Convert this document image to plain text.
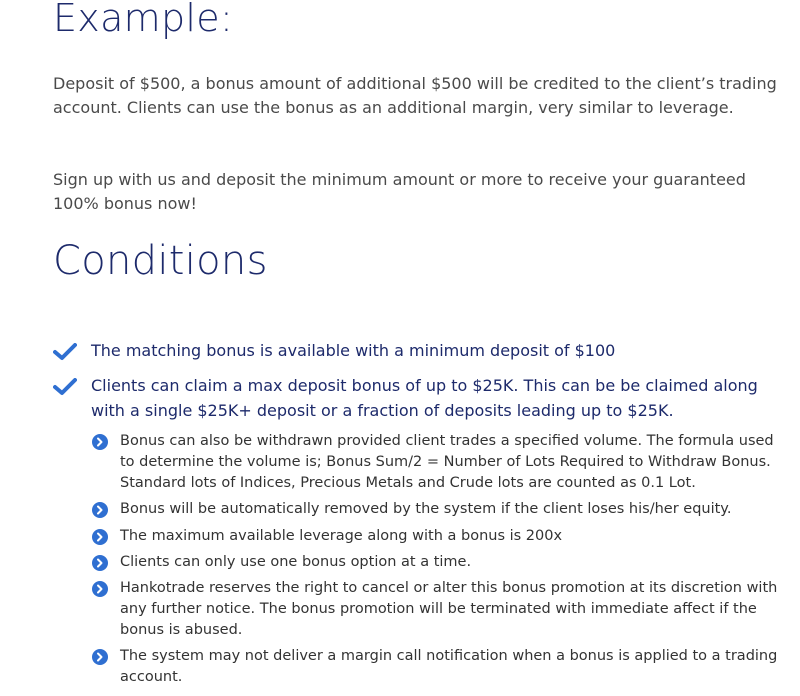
Example:

Deposit of $500, a bonus amount of additional $500 will be credited to the client’s trading account. Clients can use the bonus as an additional margin, very similar to leverage.

Sign up with us and deposit the minimum amount or more to receive your guaranteed 100% bonus now!

Conditions
The matching bonus is available with a minimum deposit of $100
Clients can claim a max deposit bonus of up to $25K. This can be be claimed along with a single $25K+ deposit or a fraction of deposits leading up to $25K.
Bonus can also be withdrawn provided client trades a specified volume. The formula used to determine the volume is; Bonus Sum/2 = Number of Lots Required to Withdraw Bonus. Standard lots of Indices, Precious Metals and Crude lots are counted as 0.1 Lot.
Bonus will be automatically removed by the system if the client loses his/her equity.
The maximum available leverage along with a bonus is 200x
Clients can only use one bonus option at a time.
Hankotrade reserves the right to cancel or alter this bonus promotion at its discretion with any further notice. The bonus promotion will be terminated with immediate affect if the bonus is abused.
The system may not deliver a margin call notification when a bonus is applied to a trading account.
